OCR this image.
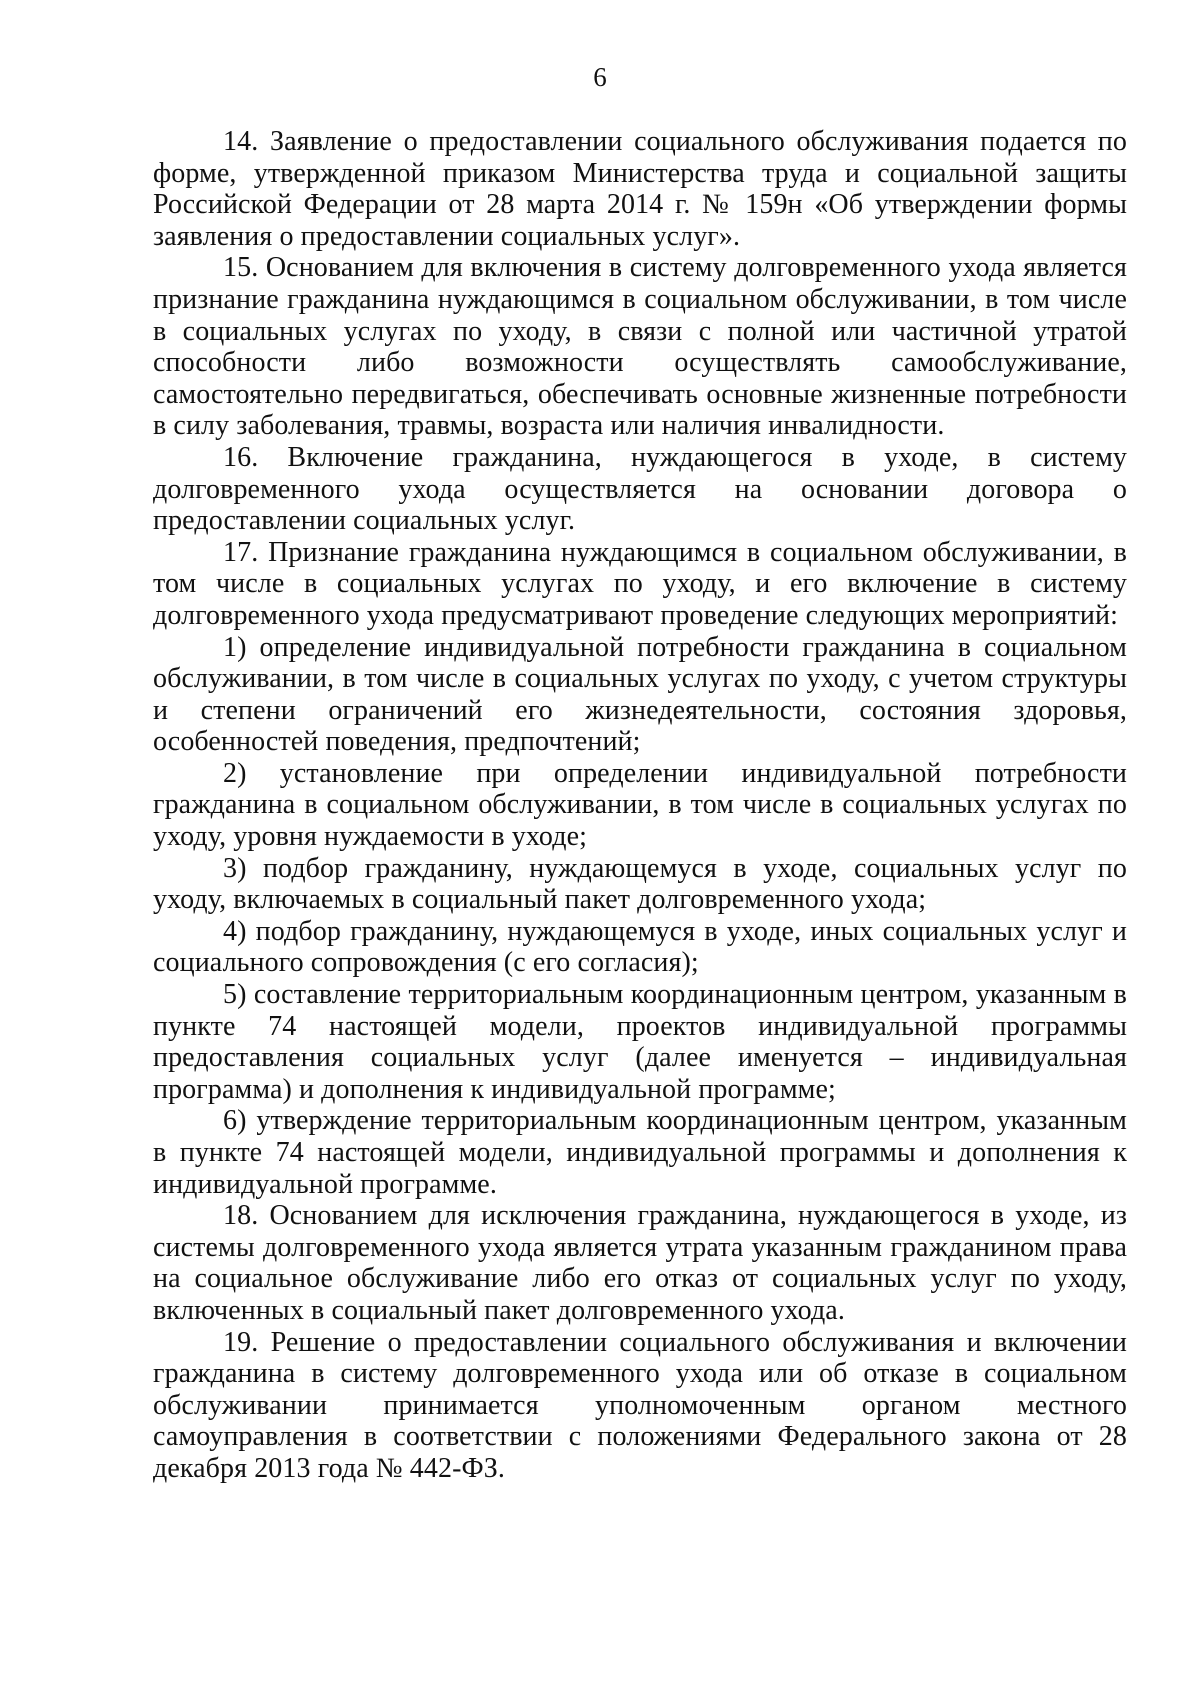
6

14. Заявление о предоставлении социального обслуживания подается по форме, утвержденной приказом Министерства труда и социальной защиты Российской Федерации от 28 марта 2014 г. № 159н «Об утверждении формы заявления о предоставлении социальных услуг».

15. Основанием для включения в систему долговременного ухода является признание гражданина нуждающимся в социальном обслуживании, в том числе в социальных услугах по уходу, в связи с полной или частичной утратой способности либо возможности осуществлять самообслуживание, самостоятельно передвигаться, обеспечивать основные жизненные потребности в силу заболевания, травмы, возраста или наличия инвалидности.

16. Включение гражданина, нуждающегося в уходе, в систему долговременного ухода осуществляется на основании договора о предоставлении социальных услуг.

17. Признание гражданина нуждающимся в социальном обслуживании, в том числе в социальных услугах по уходу, и его включение в систему долговременного ухода предусматривают проведение следующих мероприятий:

1) определение индивидуальной потребности гражданина в социальном обслуживании, в том числе в социальных услугах по уходу, с учетом структуры и степени ограничений его жизнедеятельности, состояния здоровья, особенностей поведения, предпочтений;

2) установление при определении индивидуальной потребности гражданина в социальном обслуживании, в том числе в социальных услугах по уходу, уровня нуждаемости в уходе;

3) подбор гражданину, нуждающемуся в уходе, социальных услуг по уходу, включаемых в социальный пакет долговременного ухода;

4) подбор гражданину, нуждающемуся в уходе, иных социальных услуг и социального сопровождения (с его согласия);

5) составление территориальным координационным центром, указанным в пункте 74 настоящей модели, проектов индивидуальной программы предоставления социальных услуг (далее именуется – индивидуальная программа) и дополнения к индивидуальной программе;

6) утверждение территориальным координационным центром, указанным в пункте 74 настоящей модели, индивидуальной программы и дополнения к индивидуальной программе.

18. Основанием для исключения гражданина, нуждающегося в уходе, из системы долговременного ухода является утрата указанным гражданином права на социальное обслуживание либо его отказ от социальных услуг по уходу, включенных в социальный пакет долговременного ухода.

19. Решение о предоставлении социального обслуживания и включении гражданина в систему долговременного ухода или об отказе в социальном обслуживании принимается уполномоченным органом местного самоуправления в соответствии с положениями Федерального закона от 28 декабря 2013 года № 442-ФЗ.
